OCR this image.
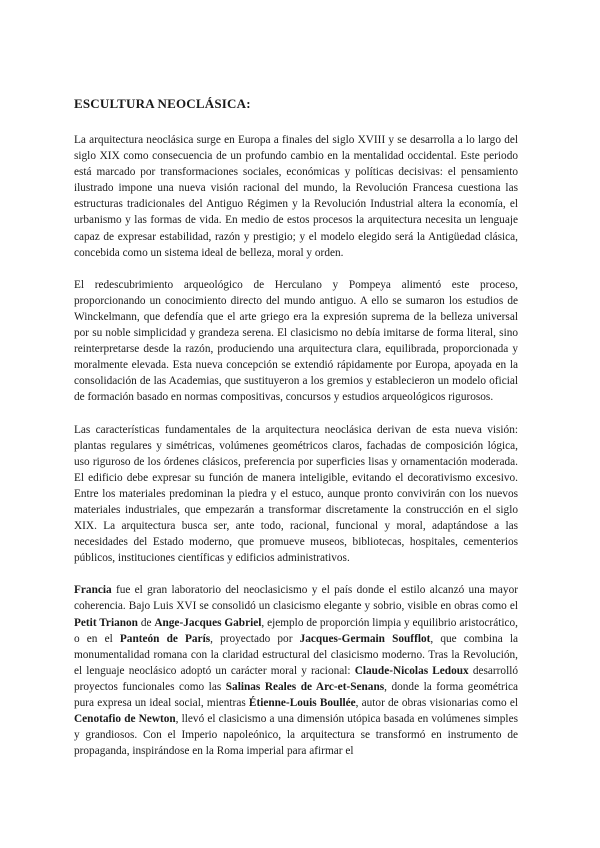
ESCULTURA NEOCLÁSICA:

La arquitectura neoclásica surge en Europa a finales del siglo XVIII y se desarrolla a lo largo del siglo XIX como consecuencia de un profundo cambio en la mentalidad occidental. Este periodo está marcado por transformaciones sociales, económicas y políticas decisivas: el pensamiento ilustrado impone una nueva visión racional del mundo, la Revolución Francesa cuestiona las estructuras tradicionales del Antiguo Régimen y la Revolución Industrial altera la economía, el urbanismo y las formas de vida. En medio de estos procesos la arquitectura necesita un lenguaje capaz de expresar estabilidad, razón y prestigio; y el modelo elegido será la Antigüedad clásica, concebida como un sistema ideal de belleza, moral y orden.

El redescubrimiento arqueológico de Herculano y Pompeya alimentó este proceso, proporcionando un conocimiento directo del mundo antiguo. A ello se sumaron los estudios de Winckelmann, que defendía que el arte griego era la expresión suprema de la belleza universal por su noble simplicidad y grandeza serena. El clasicismo no debía imitarse de forma literal, sino reinterpretarse desde la razón, produciendo una arquitectura clara, equilibrada, proporcionada y moralmente elevada. Esta nueva concepción se extendió rápidamente por Europa, apoyada en la consolidación de las Academias, que sustituyeron a los gremios y establecieron un modelo oficial de formación basado en normas compositivas, concursos y estudios arqueológicos rigurosos.

Las características fundamentales de la arquitectura neoclásica derivan de esta nueva visión: plantas regulares y simétricas, volúmenes geométricos claros, fachadas de composición lógica, uso riguroso de los órdenes clásicos, preferencia por superficies lisas y ornamentación moderada. El edificio debe expresar su función de manera inteligible, evitando el decorativismo excesivo. Entre los materiales predominan la piedra y el estuco, aunque pronto convivirán con los nuevos materiales industriales, que empezarán a transformar discretamente la construcción en el siglo XIX. La arquitectura busca ser, ante todo, racional, funcional y moral, adaptándose a las necesidades del Estado moderno, que promueve museos, bibliotecas, hospitales, cementerios públicos, instituciones científicas y edificios administrativos.

Francia fue el gran laboratorio del neoclasicismo y el país donde el estilo alcanzó una mayor coherencia. Bajo Luis XVI se consolidó un clasicismo elegante y sobrio, visible en obras como el Petit Trianon de Ange-Jacques Gabriel, ejemplo de proporción limpia y equilibrio aristocrático, o en el Panteón de París, proyectado por Jacques-Germain Soufflot, que combina la monumentalidad romana con la claridad estructural del clasicismo moderno. Tras la Revolución, el lenguaje neoclásico adoptó un carácter moral y racional: Claude-Nicolas Ledoux desarrolló proyectos funcionales como las Salinas Reales de Arc-et-Senans, donde la forma geométrica pura expresa un ideal social, mientras Étienne-Louis Boullée, autor de obras visionarias como el Cenotafio de Newton, llevó el clasicismo a una dimensión utópica basada en volúmenes simples y grandiosos. Con el Imperio napoleónico, la arquitectura se transformó en instrumento de propaganda, inspirándose en la Roma imperial para afirmar el
